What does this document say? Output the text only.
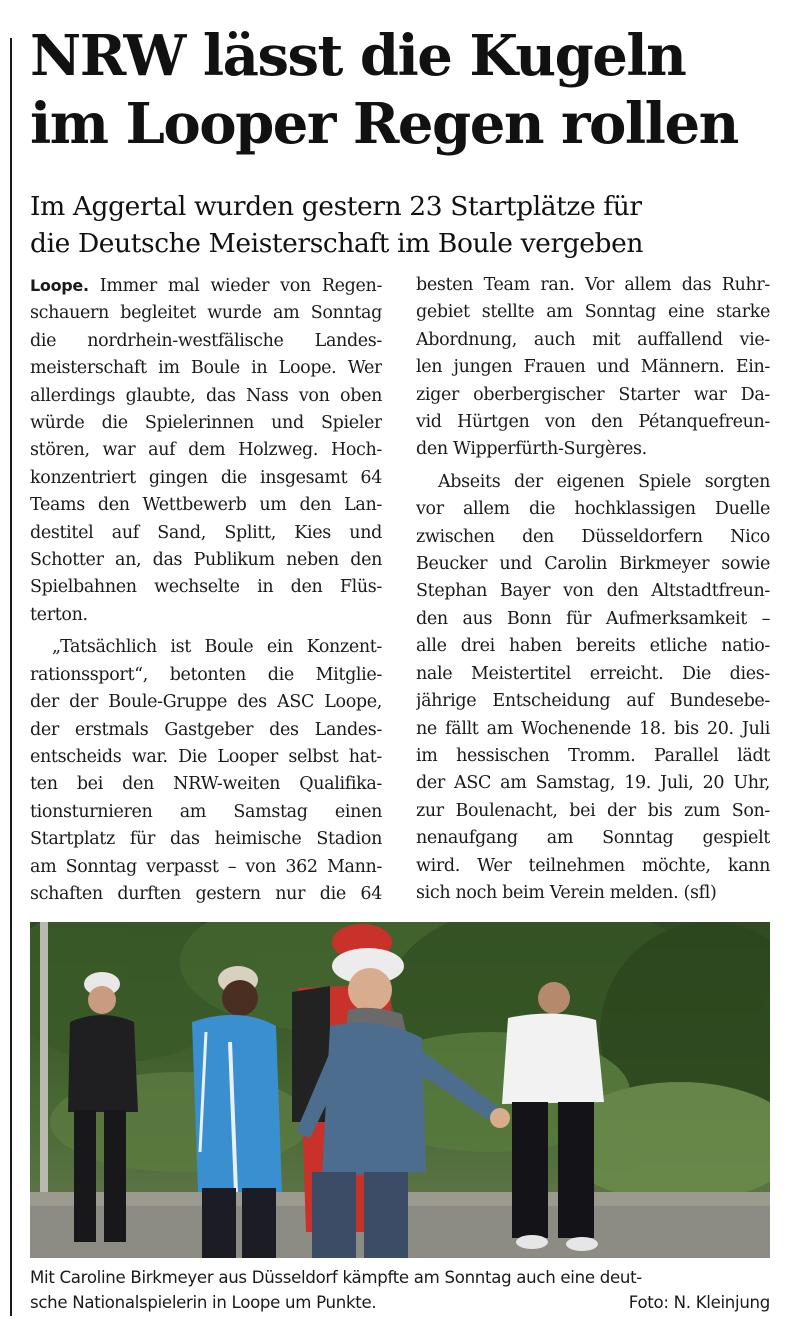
NRW lässt die Kugeln
im Looper Regen rollen
Im Aggertal wurden gestern 23 Startplätze für
die Deutsche Meisterschaft im Boule vergeben
Loope. Immer mal wieder von Regen-
schauern begleitet wurde am Sonntag
die nordrhein-westfälische Landes-
meisterschaft im Boule in Loope. Wer
allerdings glaubte, das Nass von oben
würde die Spielerinnen und Spieler
stören, war auf dem Holzweg. Hoch-
konzentriert gingen die insgesamt 64
Teams den Wettbewerb um den Lan-
destitel auf Sand, Splitt, Kies und
Schotter an, das Publikum neben den
Spielbahnen wechselte in den Flüs-
terton.
„Tatsächlich ist Boule ein Konzent-
rationssport“, betonten die Mitglie-
der der Boule-Gruppe des ASC Loope,
der erstmals Gastgeber des Landes-
entscheids war. Die Looper selbst hat-
ten bei den NRW-weiten Qualifika-
tionsturnieren am Samstag einen
Startplatz für das heimische Stadion
am Sonntag verpasst – von 362 Mann-
schaften durften gestern nur die 64
besten Team ran. Vor allem das Ruhr-
gebiet stellte am Sonntag eine starke
Abordnung, auch mit auffallend vie-
len jungen Frauen und Männern. Ein-
ziger oberbergischer Starter war Da-
vid Hürtgen von den Pétanquefreun-
den Wipperfürth-Surgères.
Abseits der eigenen Spiele sorgten
vor allem die hochklassigen Duelle
zwischen den Düsseldorfern Nico
Beucker und Carolin Birkmeyer sowie
Stephan Bayer von den Altstadtfreun-
den aus Bonn für Aufmerksamkeit –
alle drei haben bereits etliche natio-
nale Meistertitel erreicht. Die dies-
jährige Entscheidung auf Bundesebe-
ne fällt am Wochenende 18. bis 20. Juli
im hessischen Tromm. Parallel lädt
der ASC am Samstag, 19. Juli, 20 Uhr,
zur Boulenacht, bei der bis zum Son-
nenaufgang am Sonntag gespielt
wird. Wer teilnehmen möchte, kann
sich noch beim Verein melden. (sfl)
Mit Caroline Birkmeyer aus Düsseldorf kämpfte am Sonntag auch eine deut-
sche Nationalspielerin in Loope um Punkte.	Foto: N. Kleinjung
